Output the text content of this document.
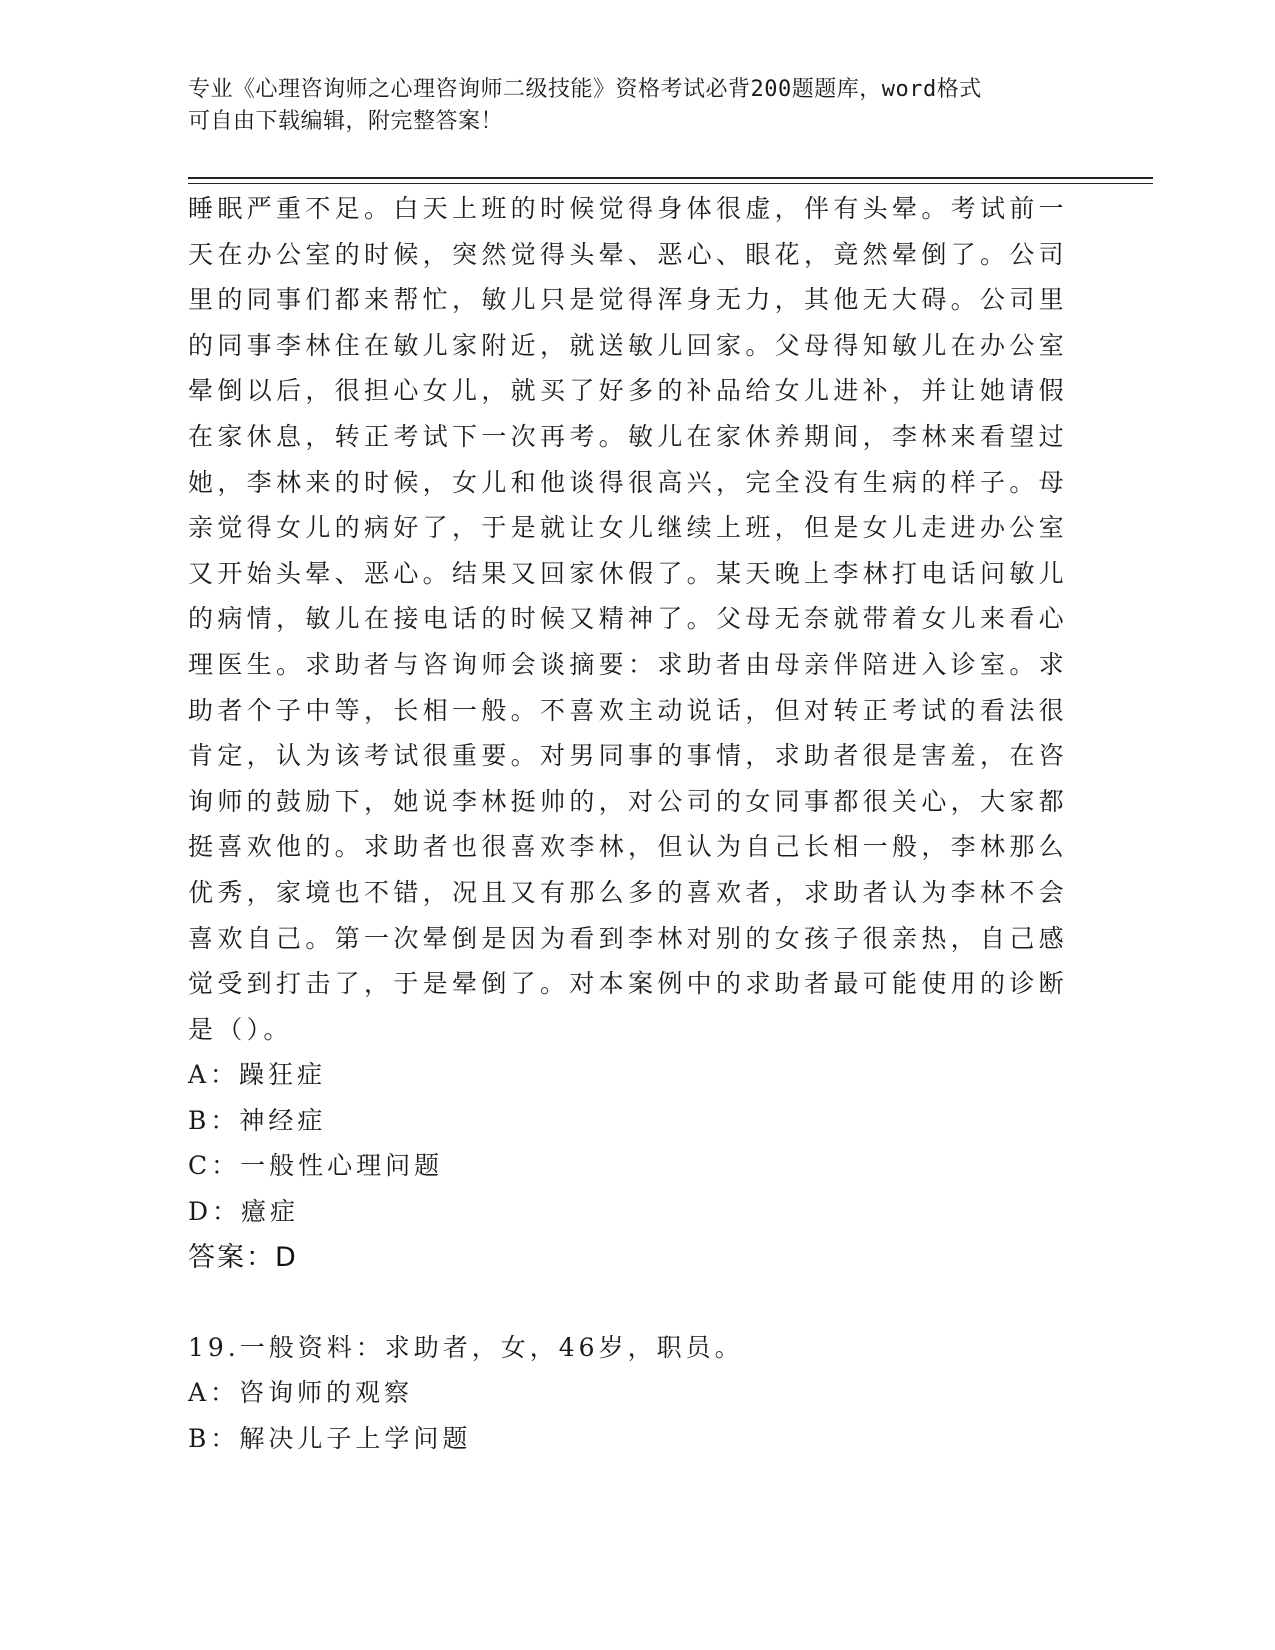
专业《心理咨询师之心理咨询师二级技能》资格考试必背200题题库，word格式
可自由下载编辑，附完整答案！

睡眠严重不足。白天上班的时候觉得身体很虚，伴有头晕。考试前一天在办公室的时候，突然觉得头晕、恶心、眼花，竟然晕倒了。公司里的同事们都来帮忙，敏儿只是觉得浑身无力，其他无大碍。公司里的同事李林住在敏儿家附近，就送敏儿回家。父母得知敏儿在办公室晕倒以后，很担心女儿，就买了好多的补品给女儿进补，并让她请假在家休息，转正考试下一次再考。敏儿在家休养期间，李林来看望过她，李林来的时候，女儿和他谈得很高兴，完全没有生病的样子。母亲觉得女儿的病好了，于是就让女儿继续上班，但是女儿走进办公室又开始头晕、恶心。结果又回家休假了。某天晚上李林打电话问敏儿的病情，敏儿在接电话的时候又精神了。父母无奈就带着女儿来看心理医生。求助者与咨询师会谈摘要：求助者由母亲伴陪进入诊室。求助者个子中等，长相一般。不喜欢主动说话，但对转正考试的看法很肯定，认为该考试很重要。对男同事的事情，求助者很是害羞，在咨询师的鼓励下，她说李林挺帅的，对公司的女同事都很关心，大家都挺喜欢他的。求助者也很喜欢李林，但认为自己长相一般，李林那么优秀，家境也不错，况且又有那么多的喜欢者，求助者认为李林不会喜欢自己。第一次晕倒是因为看到李林对别的女孩子很亲热，自己感觉受到打击了，于是晕倒了。对本案例中的求助者最可能使用的诊断是（）。

A：躁狂症

B：神经症

C：一般性心理问题

D：癔症

答案：D

19.一般资料：求助者，女，46岁，职员。

A：咨询师的观察

B：解决儿子上学问题
